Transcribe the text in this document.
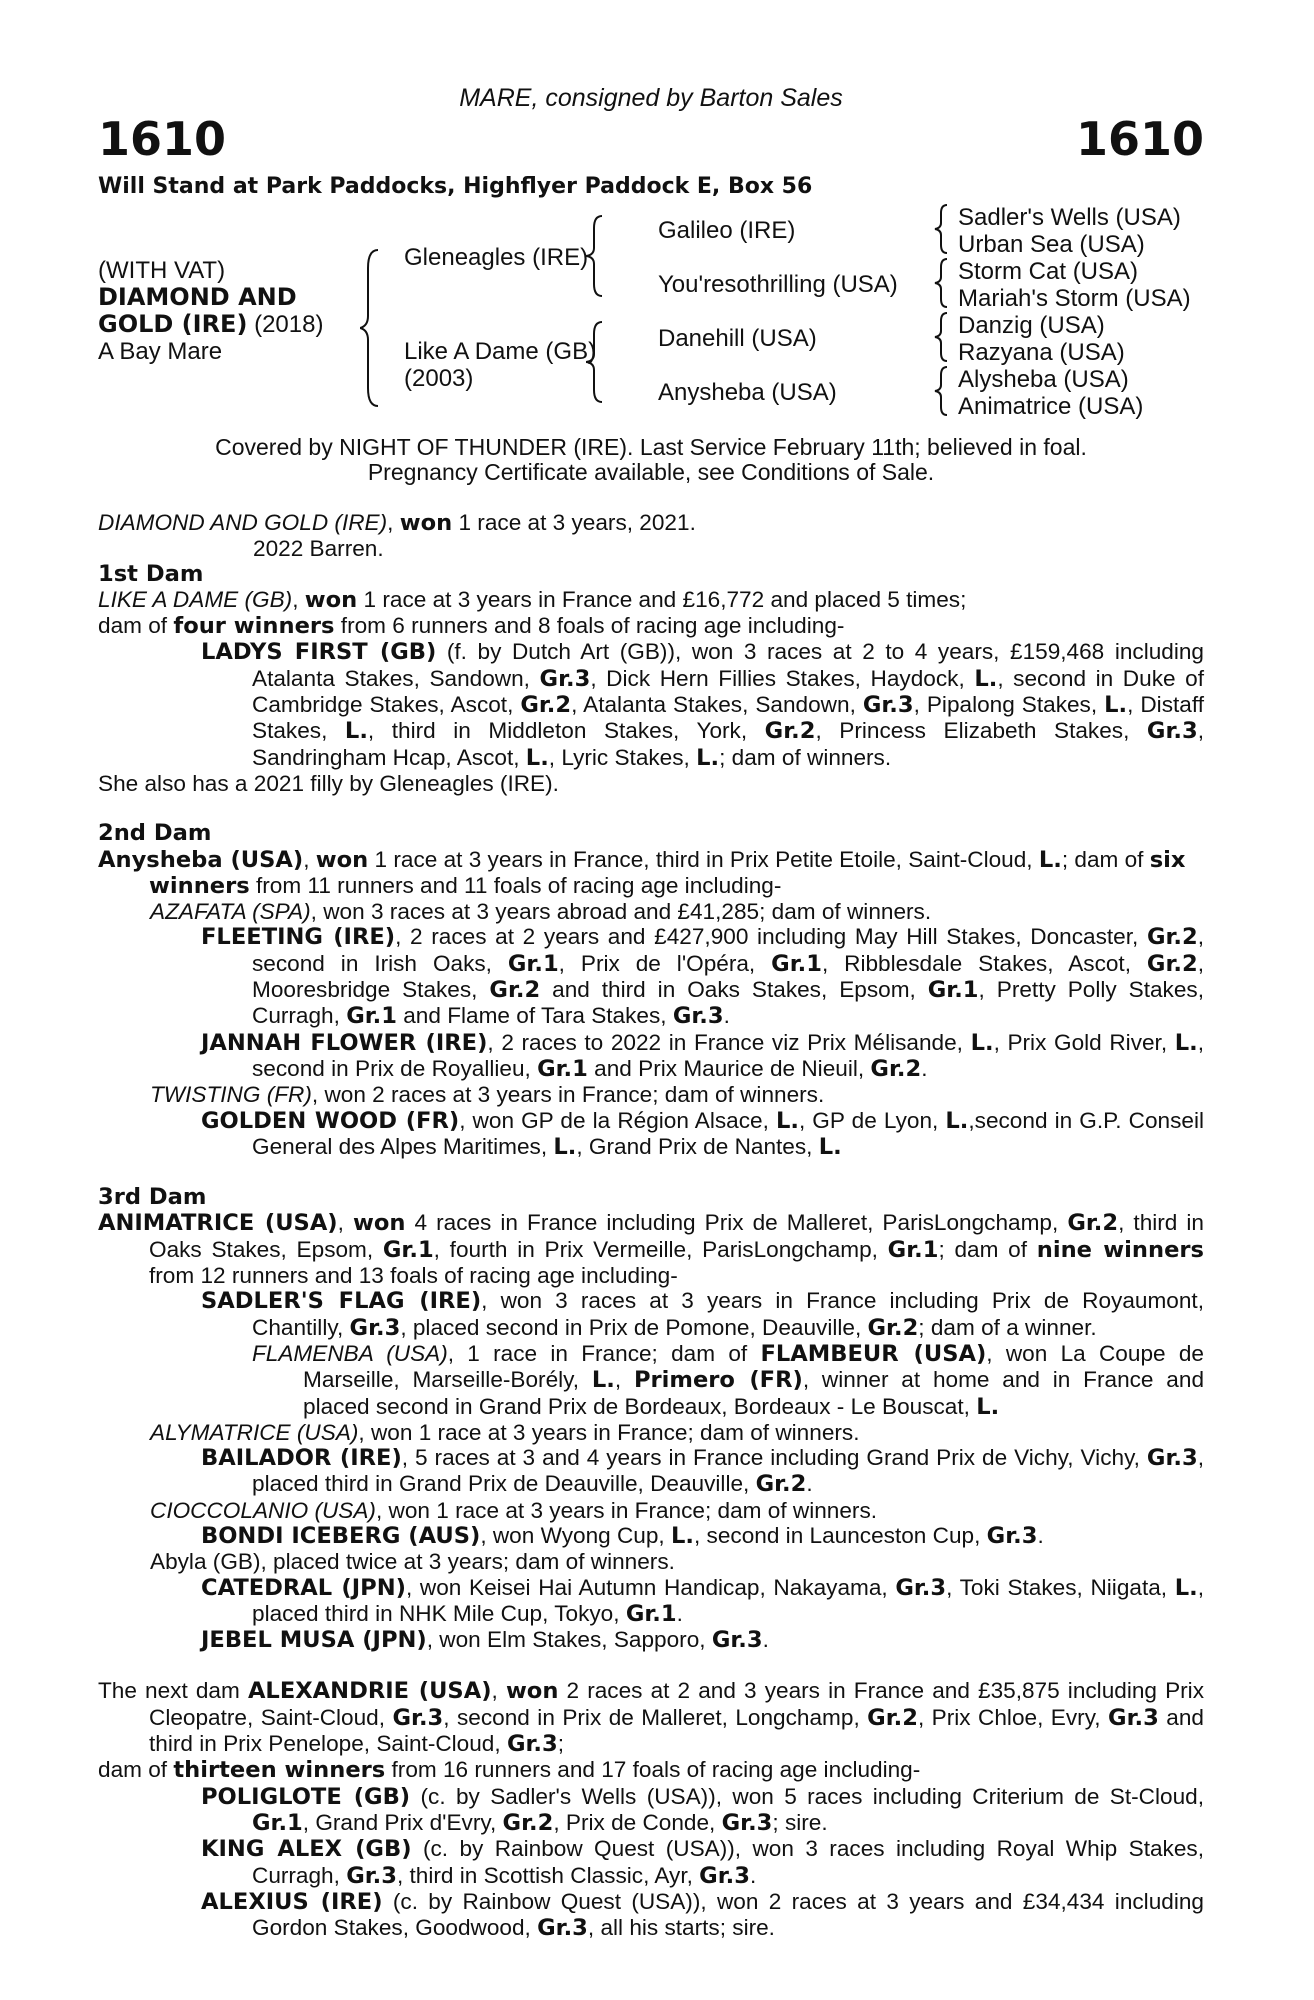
MARE, consigned by Barton Sales
1610	1610
Will Stand at Park Paddocks, Highflyer Paddock E, Box 56
(WITH VAT)
DIAMOND AND
GOLD (IRE) (2018)
A Bay Mare
Gleneagles (IRE)
Like A Dame (GB)
(2003)
Galileo (IRE)
You'resothrilling (USA)
Danehill (USA)
Anysheba (USA)
Sadler's Wells (USA)
Urban Sea (USA)
Storm Cat (USA)
Mariah's Storm (USA)
Danzig (USA)
Razyana (USA)
Alysheba (USA)
Animatrice (USA)
Covered by NIGHT OF THUNDER (IRE). Last Service February 11th; believed in foal.
Pregnancy Certificate available, see Conditions of Sale.

DIAMOND AND GOLD (IRE), won 1 race at 3 years, 2021.

2022 Barren.

1st Dam

LIKE A DAME (GB), won 1 race at 3 years in France and £16,772 and placed 5 times;

dam of four winners from 6 runners and 8 foals of racing age including-

LADYS FIRST (GB) (f. by Dutch Art (GB)), won 3 races at 2 to 4 years, £159,468 including Atalanta Stakes, Sandown, Gr.3, Dick Hern Fillies Stakes, Haydock, L., second in Duke of Cambridge Stakes, Ascot, Gr.2, Atalanta Stakes, Sandown, Gr.3, Pipalong Stakes, L., Distaff Stakes, L., third in Middleton Stakes, York, Gr.2, Princess Elizabeth Stakes, Gr.3, Sandringham Hcap, Ascot, L., Lyric Stakes, L.; dam of winners.

She also has a 2021 filly by Gleneagles (IRE).

2nd Dam

Anysheba (USA), won 1 race at 3 years in France, third in Prix Petite Etoile, Saint-Cloud, L.; dam of six winners from 11 runners and 11 foals of racing age including-

AZAFATA (SPA), won 3 races at 3 years abroad and £41,285; dam of winners.

FLEETING (IRE), 2 races at 2 years and £427,900 including May Hill Stakes, Doncaster, Gr.2, second in Irish Oaks, Gr.1, Prix de l'Opéra, Gr.1, Ribblesdale Stakes, Ascot, Gr.2, Mooresbridge Stakes, Gr.2 and third in Oaks Stakes, Epsom, Gr.1, Pretty Polly Stakes, Curragh, Gr.1 and Flame of Tara Stakes, Gr.3.

JANNAH FLOWER (IRE), 2 races to 2022 in France viz Prix Mélisande, L., Prix Gold River, L., second in Prix de Royallieu, Gr.1 and Prix Maurice de Nieuil, Gr.2.

TWISTING (FR), won 2 races at 3 years in France; dam of winners.

GOLDEN WOOD (FR), won GP de la Région Alsace, L., GP de Lyon, L.,second in G.P. Conseil General des Alpes Maritimes, L., Grand Prix de Nantes, L.

3rd Dam

ANIMATRICE (USA), won 4 races in France including Prix de Malleret, ParisLongchamp, Gr.2, third in Oaks Stakes, Epsom, Gr.1, fourth in Prix Vermeille, ParisLongchamp, Gr.1; dam of nine winners from 12 runners and 13 foals of racing age including-

SADLER'S FLAG (IRE), won 3 races at 3 years in France including Prix de Royaumont, Chantilly, Gr.3, placed second in Prix de Pomone, Deauville, Gr.2; dam of a winner.

FLAMENBA (USA), 1 race in France; dam of FLAMBEUR (USA), won La Coupe de Marseille, Marseille-Borély, L., Primero (FR), winner at home and in France and placed second in Grand Prix de Bordeaux, Bordeaux - Le Bouscat, L.

ALYMATRICE (USA), won 1 race at 3 years in France; dam of winners.

BAILADOR (IRE), 5 races at 3 and 4 years in France including Grand Prix de Vichy, Vichy, Gr.3, placed third in Grand Prix de Deauville, Deauville, Gr.2.

CIOCCOLANIO (USA), won 1 race at 3 years in France; dam of winners.

BONDI ICEBERG (AUS), won Wyong Cup, L., second in Launceston Cup, Gr.3.

Abyla (GB), placed twice at 3 years; dam of winners.

CATEDRAL (JPN), won Keisei Hai Autumn Handicap, Nakayama, Gr.3, Toki Stakes, Niigata, L., placed third in NHK Mile Cup, Tokyo, Gr.1.

JEBEL MUSA (JPN), won Elm Stakes, Sapporo, Gr.3.

The next dam ALEXANDRIE (USA), won 2 races at 2 and 3 years in France and £35,875 including Prix Cleopatre, Saint-Cloud, Gr.3, second in Prix de Malleret, Longchamp, Gr.2, Prix Chloe, Evry, Gr.3 and third in Prix Penelope, Saint-Cloud, Gr.3;

dam of thirteen winners from 16 runners and 17 foals of racing age including-

POLIGLOTE (GB) (c. by Sadler's Wells (USA)), won 5 races including Criterium de St-Cloud, Gr.1, Grand Prix d'Evry, Gr.2, Prix de Conde, Gr.3; sire.

KING ALEX (GB) (c. by Rainbow Quest (USA)), won 3 races including Royal Whip Stakes, Curragh, Gr.3, third in Scottish Classic, Ayr, Gr.3.

ALEXIUS (IRE) (c. by Rainbow Quest (USA)), won 2 races at 3 years and £34,434 including Gordon Stakes, Goodwood, Gr.3, all his starts; sire.
